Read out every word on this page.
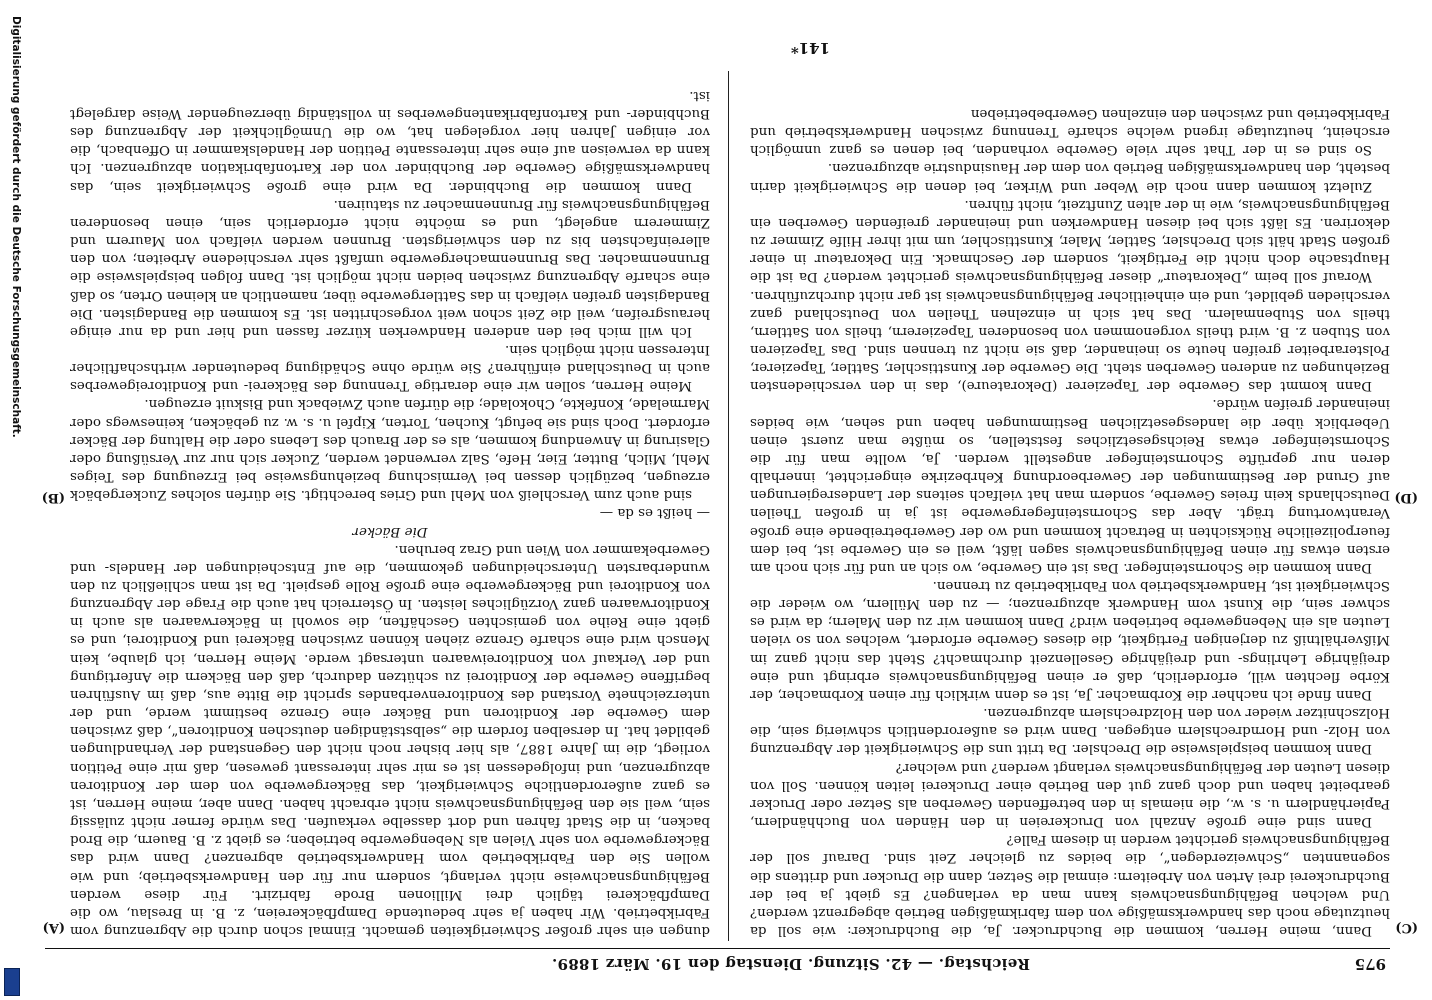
Digitalisierung gefördert durch die Deutsche Forschungsgemeinschaft.
975
Reichstag. — 42. Sitzung. Dienstag den 19. März 1889.
(C)
(D)
(A)
(B)

Dann, meine Herren, kommen die Buchdrucker. Ja, die Buchdrucker: wie soll da heutzutage noch das handwerksmäßige von dem fabrikmäßigen Betrieb abgegrenzt werden? Und welchen Befähigungsnachweis kann man da verlangen? Es giebt ja bei der Buchdruckerei drei Arten von Arbeitern: einmal die Setzer, dann die Drucker und drittens die sogenannten „Schweizerdegen“, die beides zu gleicher Zeit sind. Darauf soll der Befähigungsnachweis gerichtet werden in diesem Falle?

Dann sind eine große Anzahl von Druckereien in den Händen von Buchhändlern, Papierhändlern u. s. w., die niemals in den betreffenden Gewerben als Setzer oder Drucker gearbeitet haben und doch ganz gut den Betrieb einer Druckerei leiten können. Soll von diesen Leuten der Befähigungsnachweis verlangt werden? und welcher?

Dann kommen beispielsweise die Drechsler. Da tritt uns die Schwierigkeit der Abgrenzung von Holz- und Horndrechslern entgegen. Dann wird es außerordentlich schwierig sein, die Holzschnitzer wieder von den Holzdrechslern abzugrenzen.

Dann finde ich nachher die Korbmacher. Ja, ist es denn wirklich für einen Korbmacher, der Körbe flechten will, erforderlich, daß er einen Befähigungsnachweis erbringt und eine dreijährige Lehrlings- und dreijährige Gesellenzeit durchmacht? Steht das nicht ganz im Mißverhältniß zu derjenigen Fertigkeit, die dieses Gewerbe erfordert, welches von so vielen Leuten als ein Nebengewerbe betrieben wird? Dann kommen wir zu den Malern; da wird es schwer sein, die Kunst vom Handwerk abzugrenzen; — zu den Müllern, wo wieder die Schwierigkeit ist, Handwerksbetrieb von Fabrikbetrieb zu trennen.

Dann kommen die Schornsteinfeger. Das ist ein Gewerbe, wo sich an und für sich noch am ersten etwas für einen Befähigungsnachweis sagen läßt, weil es ein Gewerbe ist, bei dem feuerpolizeiliche Rücksichten in Betracht kommen und wo der Gewerbetreibende eine große Verantwortung trägt. Aber das Schornsteinfegergewerbe ist ja in großen Theilen Deutschlands kein freies Gewerbe, sondern man hat vielfach seitens der Landesregierungen auf Grund der Bestimmungen der Gewerbeordnung Kehrbezirke eingerichtet, innerhalb deren nur geprüfte Schornsteinfeger angestellt werden. Ja, wollte man für die Schornsteinfeger etwas Reichsgesetzliches feststellen, so müßte man zuerst einen Ueberblick über die landesgesetzlichen Bestimmungen haben und sehen, wie beides ineinander greifen würde.

Dann kommt das Gewerbe der Tapezierer (Dekorateure), das in den verschiedensten Beziehungen zu anderen Gewerben steht. Die Gewerbe der Kunsttischler, Sattler, Tapezierer, Polsterarbeiter greifen heute so ineinander, daß sie nicht zu trennen sind. Das Tapezieren von Stuben z. B. wird theils vorgenommen von besonderen Tapezierern, theils von Sattlern, theils von Stubenmalern. Das hat sich in einzelnen Theilen von Deutschland ganz verschieden gebildet, und ein einheitlicher Befähigungsnachweis ist gar nicht durchzuführen.

Worauf soll beim „Dekorateur“ dieser Befähigungsnachweis gerichtet werden? Da ist die Hauptsache doch nicht die Fertigkeit, sondern der Geschmack. Ein Dekorateur in einer großen Stadt hält sich Drechsler, Sattler, Maler, Kunsttischler, um mit ihrer Hilfe Zimmer zu dekoriren. Es läßt sich bei diesen Handwerken und ineinander greifenden Gewerben ein Befähigungsnachweis, wie in der alten Zunftzeit, nicht führen.

Zuletzt kommen dann noch die Weber und Wirker, bei denen die Schwierigkeit darin besteht, den handwerksmäßigen Betrieb von dem der Hausindustrie abzugrenzen.

So sind es in der That sehr viele Gewerbe vorhanden, bei denen es ganz unmöglich erscheint, heutzutage irgend welche scharfe Trennung zwischen Handwerksbetrieb und Fabrikbetrieb und zwischen den einzelnen Gewerbebetrieben

dungen ein sehr großer Schwierigkeiten gemacht. Einmal schon durch die Abgrenzung vom Fabrikbetrieb. Wir haben ja sehr bedeutende Dampfbäckereien, z. B. in Breslau, wo die Dampfbäckerei täglich drei Millionen Brode fabrizirt. Für diese werden Befähigungsnachweise nicht verlangt, sondern nur für den Handwerksbetrieb; und wie wollen Sie den Fabrikbetrieb vom Handwerksbetrieb abgrenzen? Dann wird das Bäckergewerbe von sehr Vielen als Nebengewerbe betrieben; es giebt z. B. Bauern, die Brod backen, in die Stadt fahren und dort dasselbe verkaufen. Das würde ferner nicht zulässig sein, weil sie den Befähigungsnachweis nicht erbracht haben. Dann aber, meine Herren, ist es ganz außerordentliche Schwierigkeit, das Bäckergewerbe von dem der Konditoren abzugrenzen, und infolgedessen ist es mir sehr interessant gewesen, daß mir eine Petition vorliegt, die im Jahre 1887, als hier bisher noch nicht den Gegenstand der Verhandlungen gebildet hat. In derselben fordern die „selbstständigen deutschen Konditoren“, daß zwischen dem Gewerbe der Konditoren und Bäcker eine Grenze bestimmt werde, und der unterzeichnete Vorstand des Konditorenverbandes spricht die Bitte aus, daß im Ausführen begriffene Gewerbe der Konditorei zu schützen dadurch, daß den Bäckern die Anfertigung und der Verkauf von Konditoreiwaaren untersagt werde. Meine Herren, ich glaube, kein Mensch wird eine scharfe Grenze ziehen können zwischen Bäckerei und Konditorei, und es giebt eine Reihe von gemischten Geschäften, die sowohl in Bäckerwaaren als auch in Konditorwaaren ganz Vorzügliches leisten. In Österreich hat auch die Frage der Abgrenzung von Konditorei und Bäckergewerbe eine große Rolle gespielt. Da ist man schließlich zu den wunderbarsten Unterscheidungen gekommen, die auf Entscheidungen der Handels- und Gewerbekammer von Wien und Graz beruhen.

Die Bäcker

— heißt es da —

sind auch zum Verschleiß von Mehl und Gries berechtigt. Sie dürfen solches Zuckergebäck erzeugen, bezüglich dessen bei Vermischung beziehungsweise bei Erzeugung des Teiges Mehl, Milch, Butter, Eier, Hefe, Salz verwendet werden, Zucker sich nur zur Versüßung oder Glasirung in Anwendung kommen, als es der Brauch des Lebens oder die Haltung der Bäcker erfordert. Doch sind sie befugt, Kuchen, Torten, Kipfel u. s. w. zu gebäcken, keineswegs oder Marmelade, Konfekte, Chokolade; die dürfen auch Zwieback und Biskuit erzeugen.

Meine Herren, sollen wir eine derartige Trennung des Bäckerei- und Konditoreigewerbes auch in Deutschland einführen? Sie würde ohne Schädigung bedeutender wirthschaftlicher Interessen nicht möglich sein.

Ich will mich bei den anderen Handwerken kürzer fassen und hier und da nur einige herausgreifen, weil die Zeit schon weit vorgeschritten ist. Es kommen die Bandagisten. Die Bandagisten greifen vielfach in das Sattlergewerbe über, namentlich an kleinen Orten, so daß eine scharfe Abgrenzung zwischen beiden nicht möglich ist. Dann folgen beispielsweise die Brunnenmacher. Das Brunnenmachergewerbe umfaßt sehr verschiedene Arbeiten; von den allereinfachsten bis zu den schwierigsten. Brunnen werden vielfach von Maurern und Zimmerern angelegt, und es möchte nicht erforderlich sein, einen besonderen Befähigungsnachweis für Brunnenmacher zu statuiren.

Dann kommen die Buchbinder. Da wird eine große Schwierigkeit sein, das handwerksmäßige Gewerbe der Buchbinder von der Kartonfabrikation abzugrenzen. Ich kann da verweisen auf eine sehr interessante Petition der Handelskammer in Offenbach, die vor einigen Jahren hier vorgelegen hat, wo die Unmöglichkeit der Abgrenzung des Buchbinder- und Kartonfabrikantengewerbes in vollständig überzeugender Weise dargelegt ist.

141*
